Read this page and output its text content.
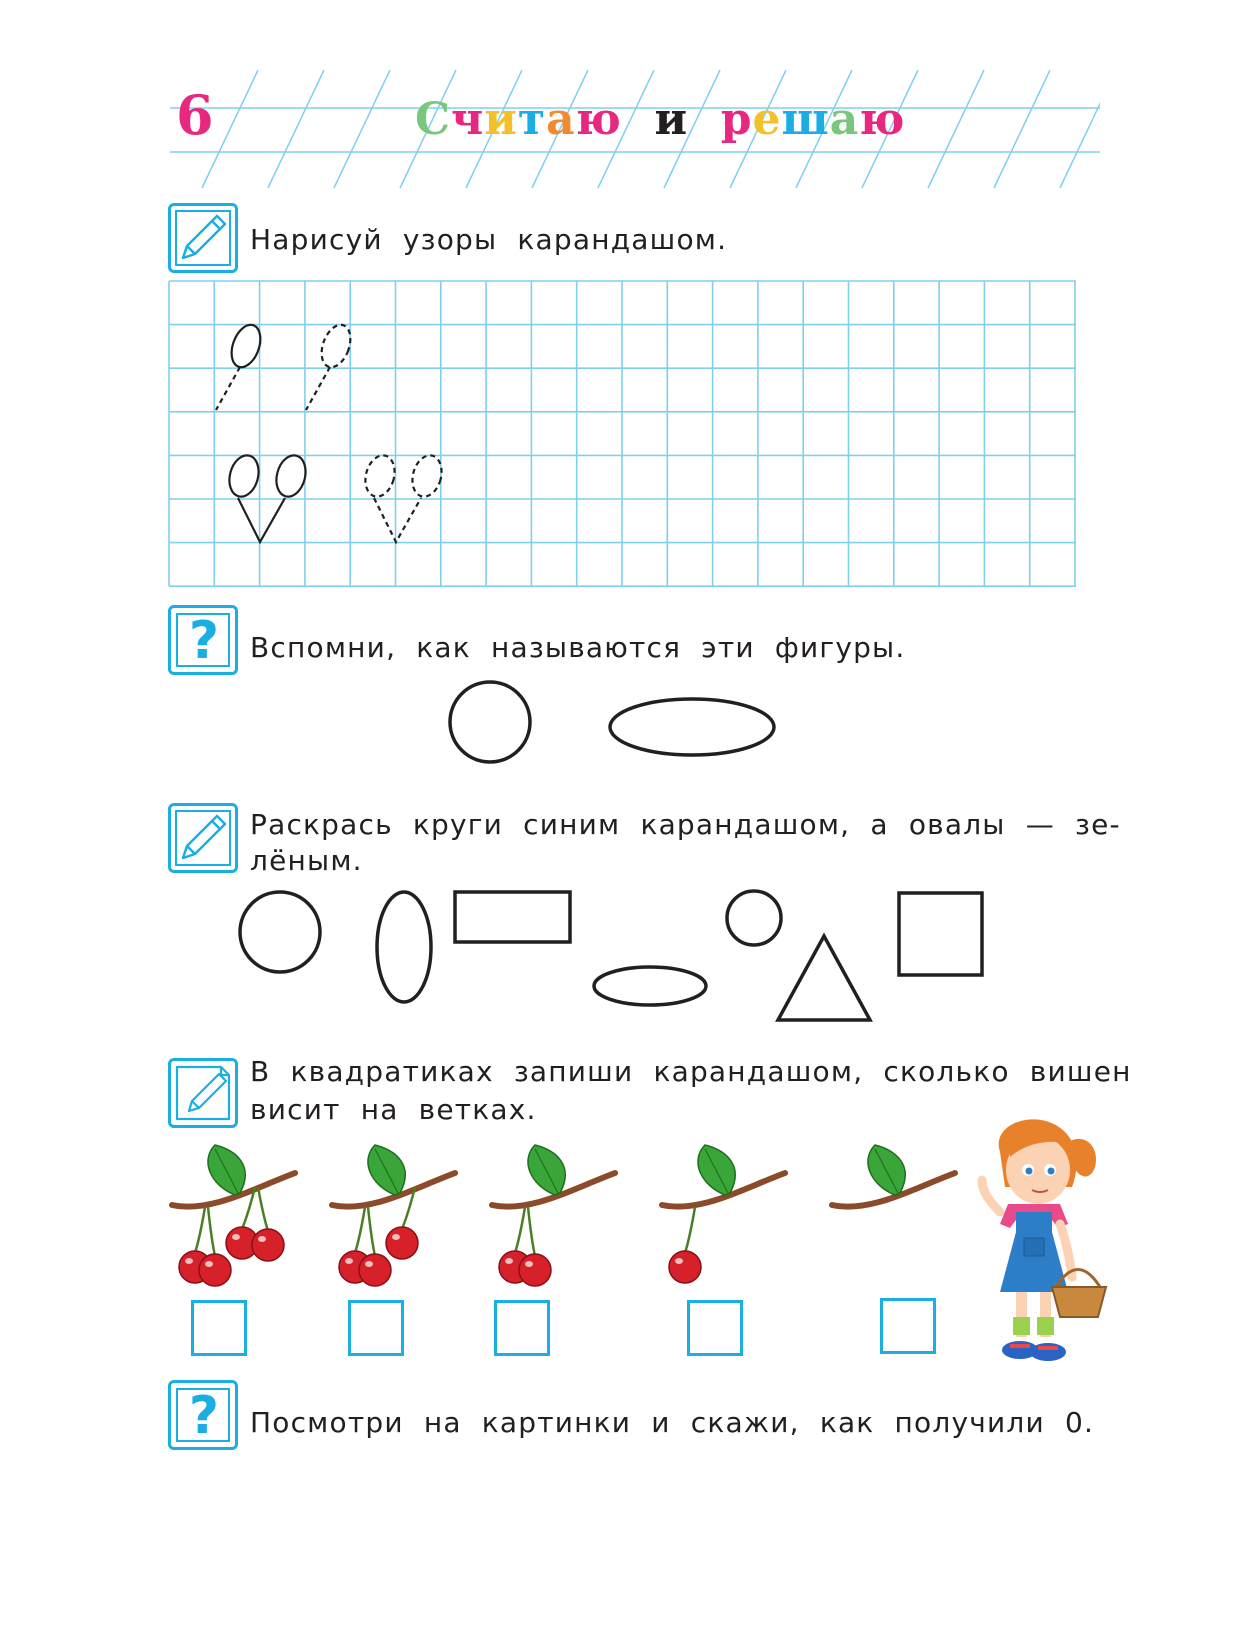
6	Считаю и решаю
Нарисуй узоры карандашом.
?	Вспомни, как называются эти фигуры.
Раскрась круги синим карандашом, а овалы — зе-
лёным.
В квадратиках запиши карандашом, сколько вишен
висит на ветках.
?	Посмотри на картинки и скажи, как получили 0.
